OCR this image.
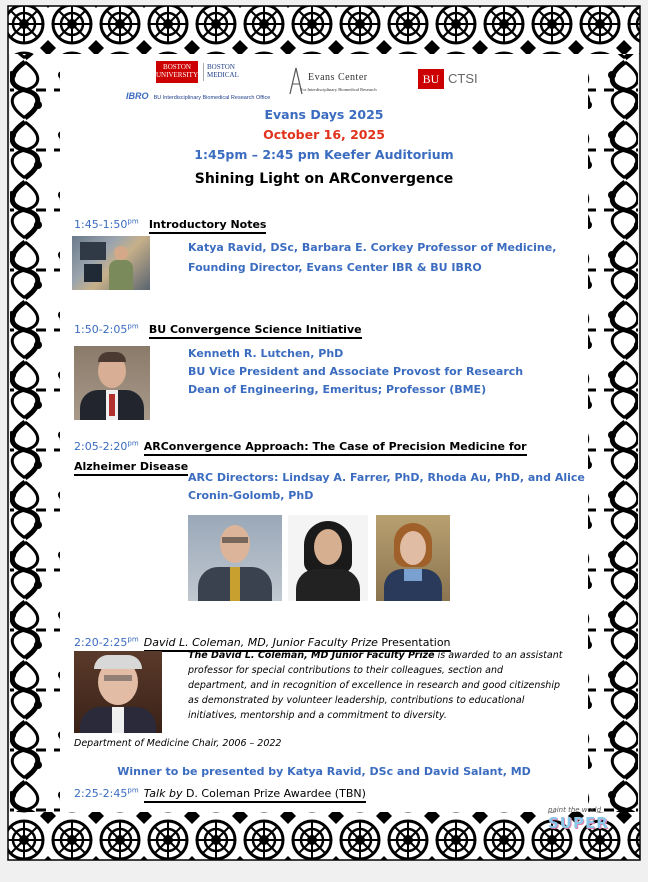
BOSTON UNIVERSITY
BOSTON MEDICAL
IBRO BU Interdisciplinary Biomedical Research Office
Evans Center
For Interdisciplinary Biomedical Research
BU CTSI
Evans Days 2025
October 16, 2025
1:45pm – 2:45 pm Keefer Auditorium
Shining Light on ARConvergence
$1:45-1:50^{pm}$ Introductory Notes
Katya Ravid, DSc, Barbara E. Corkey Professor of Medicine,
Founding Director, Evans Center IBR & BU IBRO
$1:50-2:05^{pm}$ BU Convergence Science Initiative
Kenneth R. Lutchen, PhD
BU Vice President and Associate Provost for Research
Dean of Engineering, Emeritus; Professor (BME)
$2:05-2:20^{pm}$ ARConvergence Approach: The Case of Precision Medicine for
Alzheimer Disease
ARC Directors: Lindsay A. Farrer, PhD, Rhoda Au, PhD, and Alice
Cronin-Golomb, PhD
$2:20-2:25^{pm}$ David L. Coleman, MD, Junior Faculty Prize Presentation
The David L. Coleman, MD Junior Faculty Prize is awarded to an assistant
professor for special contributions to their colleagues, section and
department, and in recognition of excellence in research and good citizenship
as demonstrated by volunteer leadership, contributions to educational
initiatives, mentorship and a commitment to diversity.
Department of Medicine Chair, 2006 – 2022
Winner to be presented by Katya Ravid, DSc and David Salant, MD
$2:25-2:45^{pm}$ Talk by D. Coleman Prize Awardee (TBN)
paint the world
SUPER
